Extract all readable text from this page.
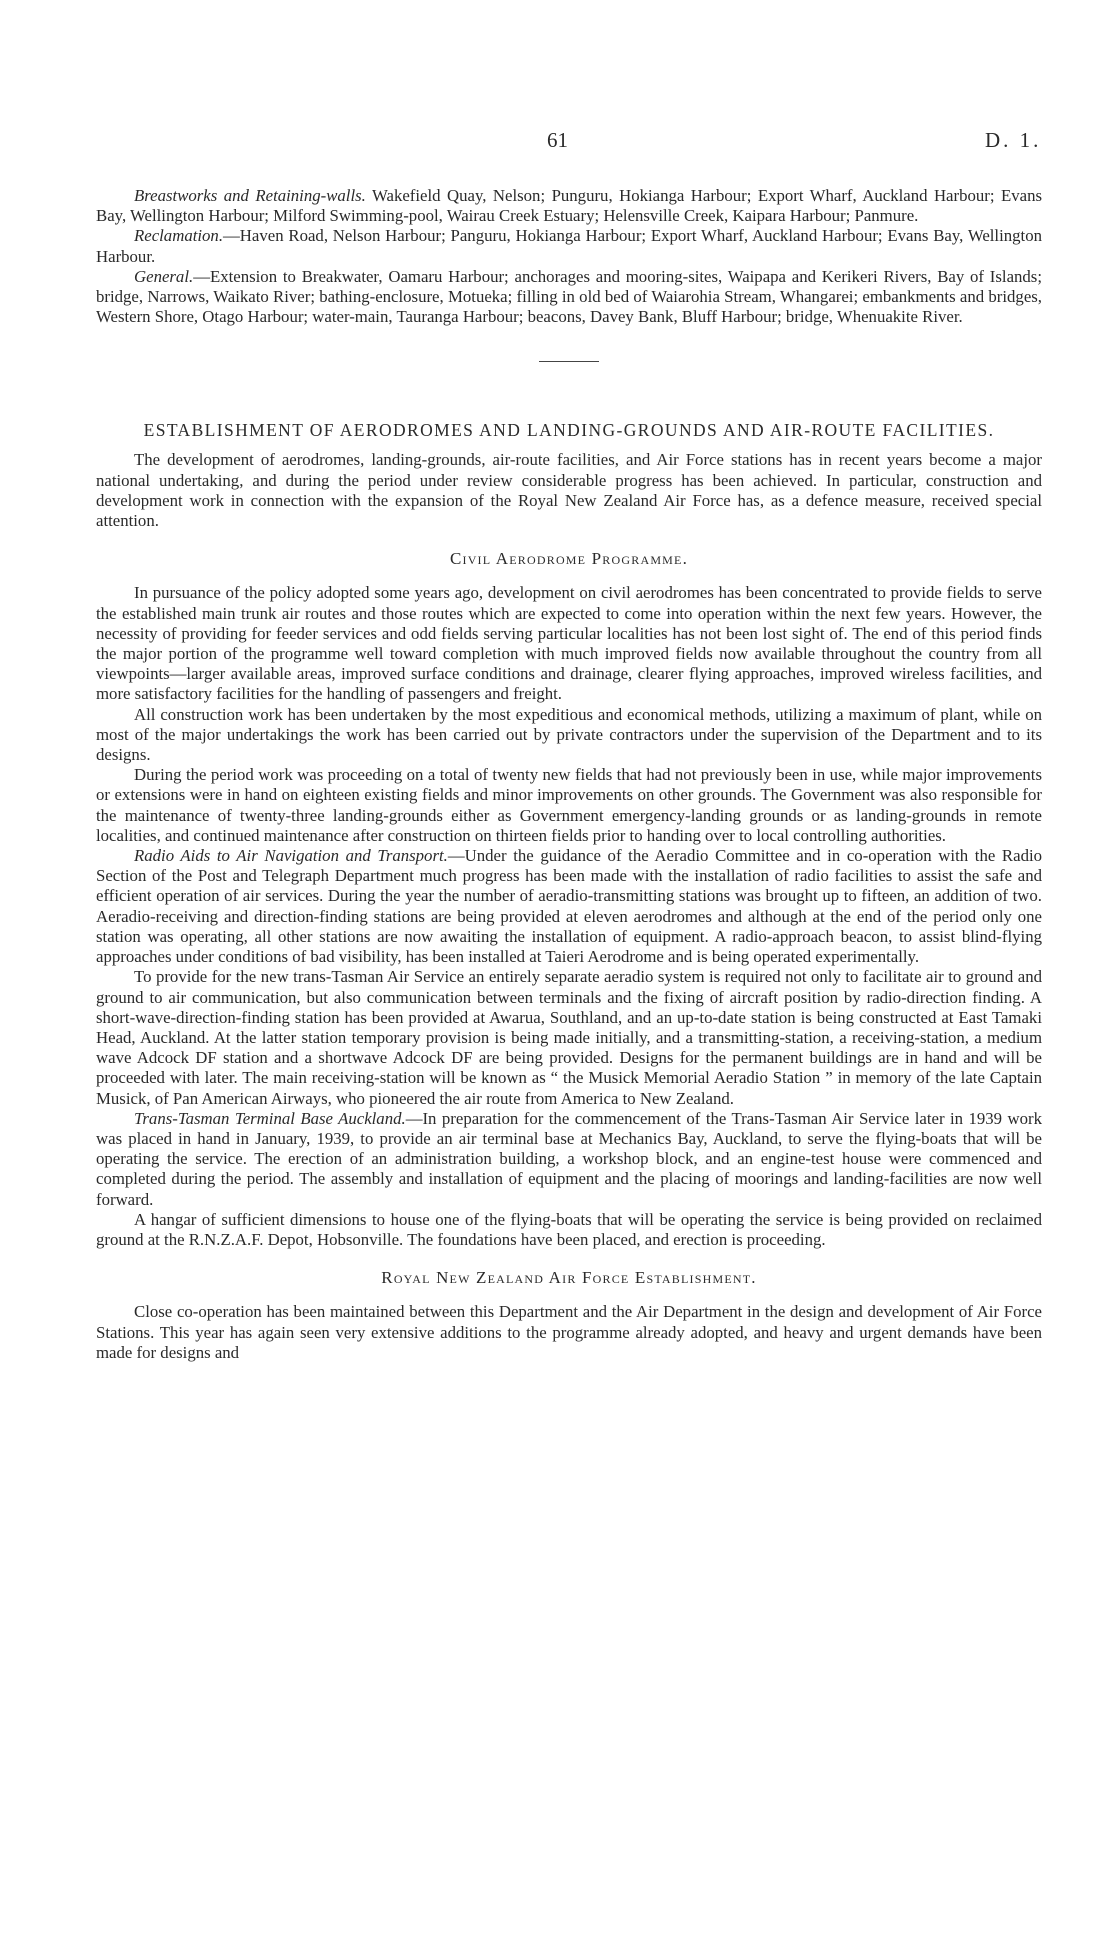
61	D. 1.

Breastworks and Retaining-walls. Wakefield Quay, Nelson; Punguru, Hokianga Harbour; Export Wharf, Auckland Harbour; Evans Bay, Wellington Harbour; Milford Swimming-pool, Wairau Creek Estuary; Helensville Creek, Kaipara Harbour; Panmure.

Reclamation.—Haven Road, Nelson Harbour; Panguru, Hokianga Harbour; Export Wharf, Auckland Harbour; Evans Bay, Wellington Harbour.

General.—Extension to Breakwater, Oamaru Harbour; anchorages and mooring-sites, Waipapa and Kerikeri Rivers, Bay of Islands; bridge, Narrows, Waikato River; bathing-enclosure, Motueka; filling in old bed of Waiarohia Stream, Whangarei; embankments and bridges, Western Shore, Otago Harbour; water-main, Tauranga Harbour; beacons, Davey Bank, Bluff Harbour; bridge, Whenuakite River.

ESTABLISHMENT OF AERODROMES AND LANDING-GROUNDS AND AIR-ROUTE FACILITIES.

The development of aerodromes, landing-grounds, air-route facilities, and Air Force stations has in recent years become a major national undertaking, and during the period under review considerable progress has been achieved. In particular, construction and development work in connection with the expansion of the Royal New Zealand Air Force has, as a defence measure, received special attention.

Civil Aerodrome Programme.

In pursuance of the policy adopted some years ago, development on civil aerodromes has been concentrated to provide fields to serve the established main trunk air routes and those routes which are expected to come into operation within the next few years. However, the necessity of providing for feeder services and odd fields serving particular localities has not been lost sight of. The end of this period finds the major portion of the programme well toward completion with much improved fields now available throughout the country from all viewpoints—larger available areas, improved surface conditions and drainage, clearer flying approaches, improved wireless facilities, and more satisfactory facilities for the handling of passengers and freight.

All construction work has been undertaken by the most expeditious and economical methods, utilizing a maximum of plant, while on most of the major undertakings the work has been carried out by private contractors under the supervision of the Department and to its designs.

During the period work was proceeding on a total of twenty new fields that had not previously been in use, while major improvements or extensions were in hand on eighteen existing fields and minor improvements on other grounds. The Government was also responsible for the maintenance of twenty-three landing-grounds either as Government emergency-landing grounds or as landing-grounds in remote localities, and continued maintenance after construction on thirteen fields prior to handing over to local controlling authorities.

Radio Aids to Air Navigation and Transport.—Under the guidance of the Aeradio Committee and in co-operation with the Radio Section of the Post and Telegraph Department much progress has been made with the installation of radio facilities to assist the safe and efficient operation of air services. During the year the number of aeradio-transmitting stations was brought up to fifteen, an addition of two. Aeradio-receiving and direction-finding stations are being provided at eleven aerodromes and although at the end of the period only one station was operating, all other stations are now awaiting the installation of equipment. A radio-approach beacon, to assist blind-flying approaches under conditions of bad visibility, has been installed at Taieri Aerodrome and is being operated experimentally.

To provide for the new trans-Tasman Air Service an entirely separate aeradio system is required not only to facilitate air to ground and ground to air communication, but also communication between terminals and the fixing of aircraft position by radio-direction finding. A short-wave-direction-finding station has been provided at Awarua, Southland, and an up-to-date station is being constructed at East Tamaki Head, Auckland. At the latter station temporary provision is being made initially, and a transmitting-station, a receiving-station, a medium wave Adcock DF station and a shortwave Adcock DF are being provided. Designs for the permanent buildings are in hand and will be proceeded with later. The main receiving-station will be known as “ the Musick Memorial Aeradio Station ” in memory of the late Captain Musick, of Pan American Airways, who pioneered the air route from America to New Zealand.

Trans-Tasman Terminal Base Auckland.—In preparation for the commencement of the Trans-Tasman Air Service later in 1939 work was placed in hand in January, 1939, to provide an air terminal base at Mechanics Bay, Auckland, to serve the flying-boats that will be operating the service. The erection of an administration building, a workshop block, and an engine-test house were commenced and completed during the period. The assembly and installation of equipment and the placing of moorings and landing-facilities are now well forward.

A hangar of sufficient dimensions to house one of the flying-boats that will be operating the service is being provided on reclaimed ground at the R.N.Z.A.F. Depot, Hobsonville. The foundations have been placed, and erection is proceeding.

Royal New Zealand Air Force Establishment.

Close co-operation has been maintained between this Department and the Air Department in the design and development of Air Force Stations. This year has again seen very extensive additions to the programme already adopted, and heavy and urgent demands have been made for designs and
